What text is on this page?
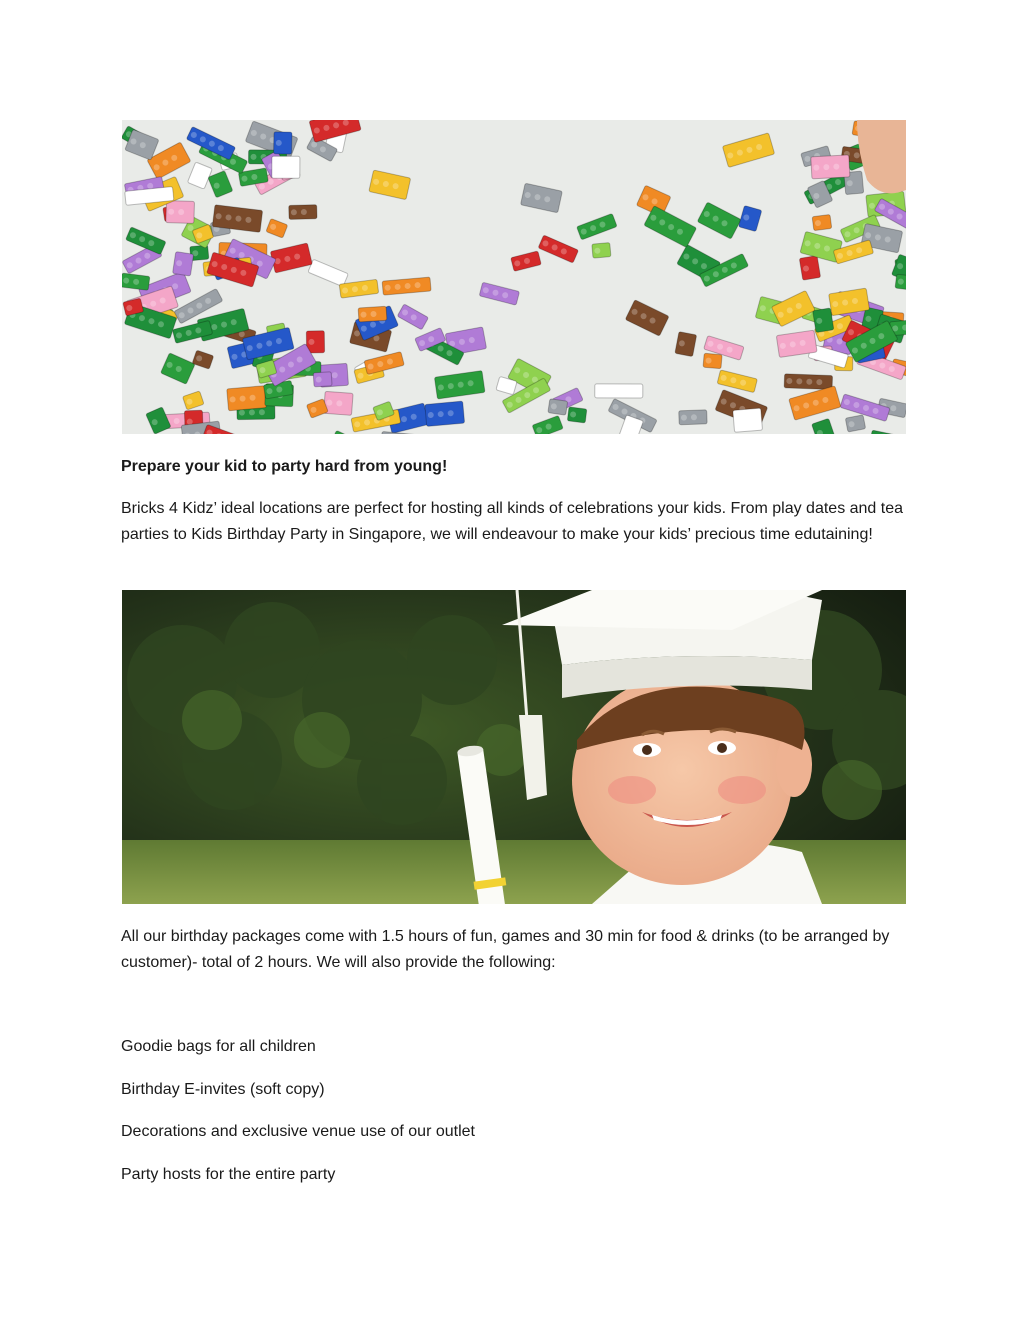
Prepare your kid to party hard from young!

Bricks 4 Kidz’ ideal locations are perfect for hosting all kinds of celebrations your kids. From play dates and tea parties to Kids Birthday Party in Singapore, we will endeavour to make your kids’ precious time edutaining!

All our birthday packages come with 1.5 hours of fun, games and 30 min for food & drinks (to be arranged by customer)- total of 2 hours. We will also provide the following:

Goodie bags for all children

Birthday E-invites (soft copy)

Decorations and exclusive venue use of our outlet

Party hosts for the entire party
